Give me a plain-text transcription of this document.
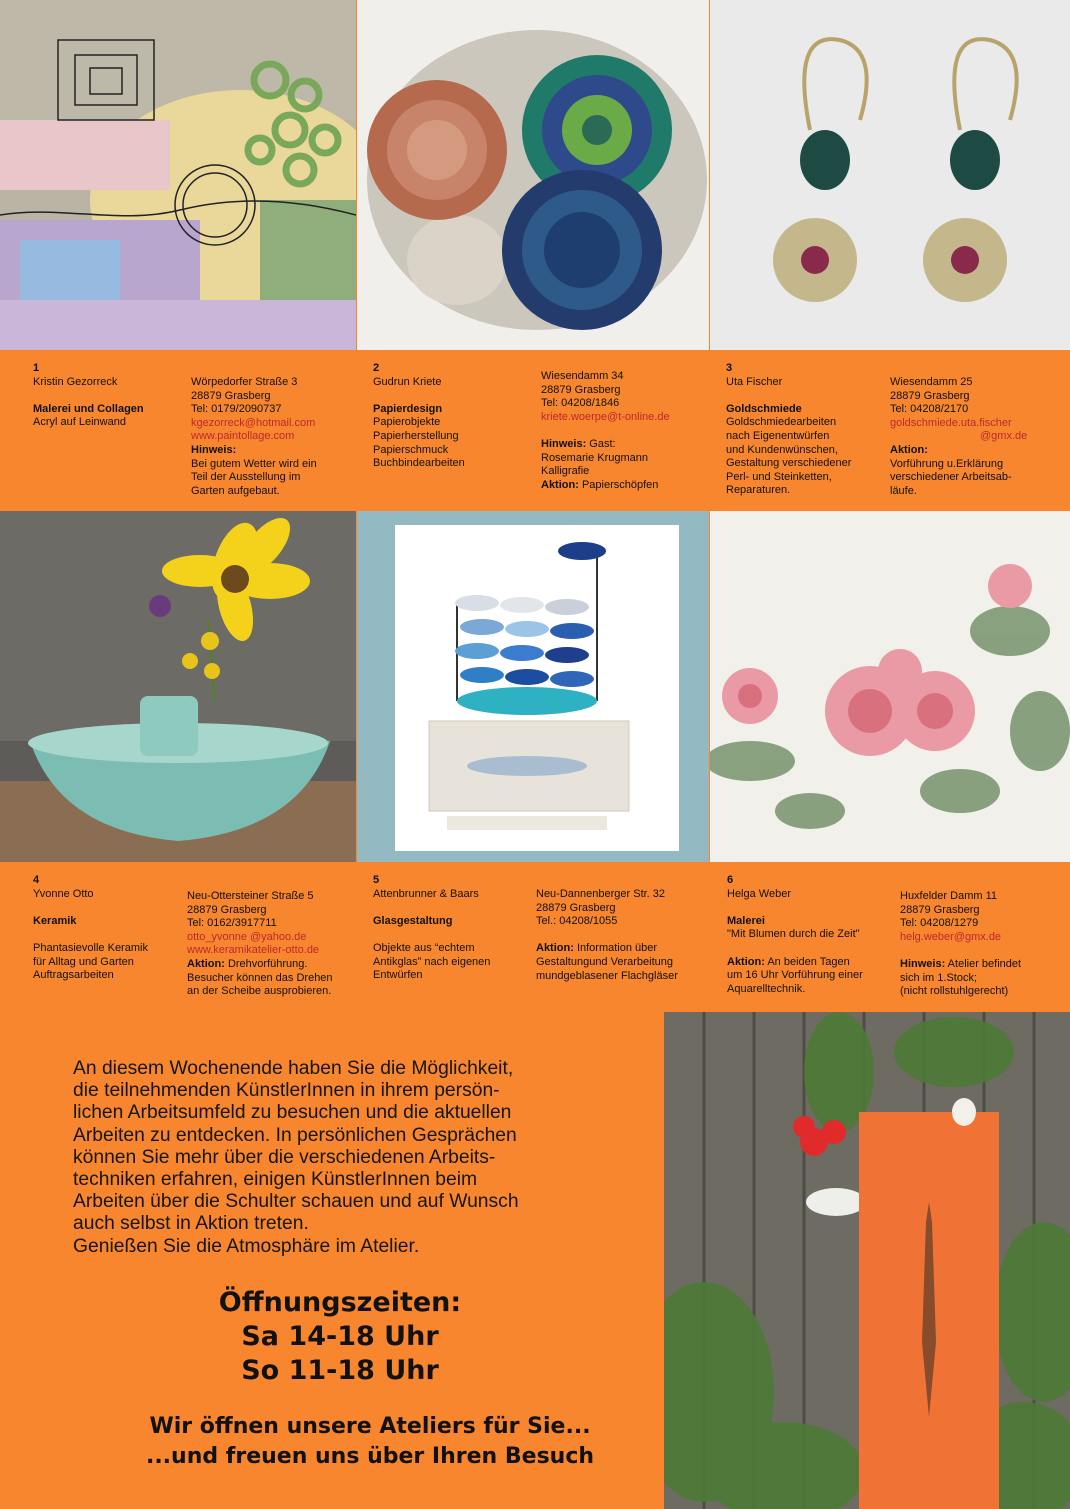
1
Kristin Gezorreck

Malerei und Collagen
Acryl auf Leinwand
Wörpedorfer Straße 3
28879 Grasberg
Tel: 0179/2090737
kgezorreck@hotmail.com
www.paintollage.com
Hinweis:
Bei gutem Wetter wird ein
Teil der Ausstellung im
Garten aufgebaut.
2
Gudrun Kriete

Papierdesign
Papierobjekte
Papierherstellung
Papierschmuck
Buchbindearbeiten
Wiesendamm 34
28879 Grasberg
Tel: 04208/1846
kriete.woerpe@t-online.de

Hinweis: Gast:
Rosemarie Krugmann
Kalligrafie
Aktion: Papierschöpfen
3
Uta Fischer

Goldschmiede
Goldschmiedearbeiten
nach Eigenentwürfen
und Kundenwünschen,
Gestaltung verschiedener
Perl- und Steinketten,
Reparaturen.
Wiesendamm 25
28879 Grasberg
Tel: 04208/2170
goldschmiede.uta.fischer
@gmx.de
Aktion:
Vorführung u.Erklärung
verschiedener Arbeitsab-
läufe.
4
Yvonne Otto

Keramik

Phantasievolle Keramik
für Alltag und Garten
Auftragsarbeiten
Neu-Ottersteiner Straße 5
28879 Grasberg
Tel: 0162/3917711
otto_yvonne @yahoo.de
www.keramikatelier-otto.de
Aktion: Drehvorführung.
Besucher können das Drehen
an der Scheibe ausprobieren.
5
Attenbrunner & Baars

Glasgestaltung

Objekte aus “echtem
Antikglas” nach eigenen
Entwürfen
Neu-Dannenberger Str. 32
28879 Grasberg
Tel.: 04208/1055

Aktion: Information über
Gestaltungund Verarbeitung
mundgeblasener Flachgläser
6
Helga Weber

Malerei
"Mit Blumen durch die Zeit"

Aktion: An beiden Tagen
um 16 Uhr Vorführung einer
Aquarelltechnik.
Huxfelder Damm 11
28879 Grasberg
Tel: 04208/1279
helg.weber@gmx.de

Hinweis: Atelier befindet
sich im 1.Stock;
(nicht rollstuhlgerecht)
An diesem Wochenende haben Sie die Möglichkeit,
die teilnehmenden KünstlerInnen in ihrem persön-
lichen Arbeitsumfeld zu besuchen und die aktuellen
Arbeiten zu entdecken. In persönlichen Gesprächen
können Sie mehr über die verschiedenen Arbeits-
techniken erfahren, einigen KünstlerInnen beim
Arbeiten über die Schulter schauen und auf Wunsch
auch selbst in Aktion treten.
Genießen Sie die Atmosphäre im Atelier.
Öffnungszeiten:
Sa 14-18 Uhr
So 11-18 Uhr
Wir öffnen unsere Ateliers für Sie...
...und freuen uns über Ihren Besuch
